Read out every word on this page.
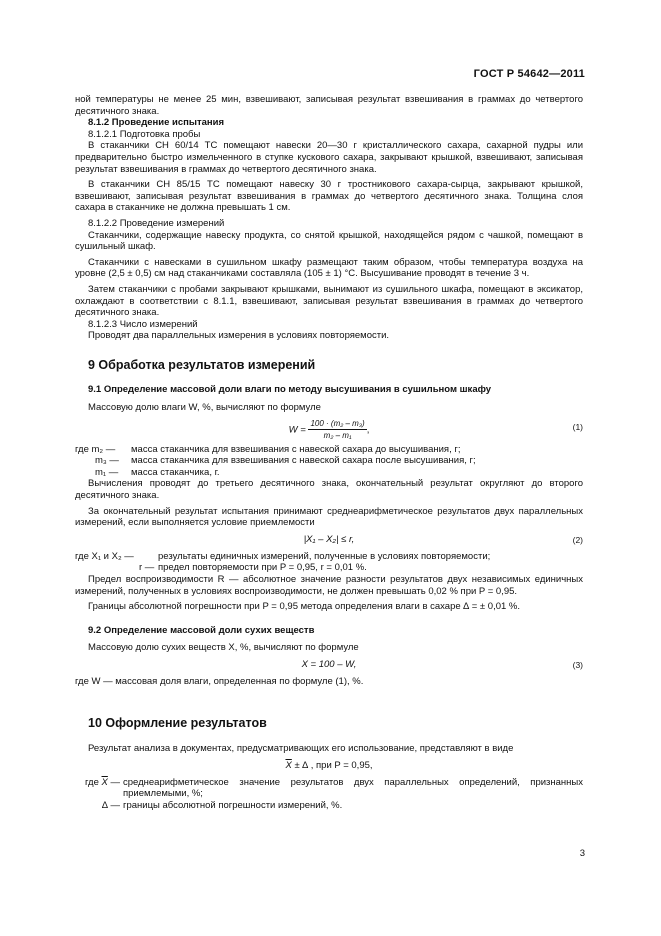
ГОСТ Р 54642—2011

ной температуры не менее 25 мин, взвешивают, записывая результат взвешивания в граммах до четвертого десятичного знака.

8.1.2 Проведение испытания

8.1.2.1 Подготовка пробы

В стаканчики СН 60/14 ТС помещают навески 20—30 г кристаллического сахара, сахарной пудры или предварительно быстро измельченного в ступке кускового сахара, закрывают крышкой, взвешивают, записывая результат взвешивания в граммах до четвертого десятичного знака.

В стаканчики СН 85/15 ТС помещают навеску 30 г тростникового сахара-сырца, закрывают крышкой, взвешивают, записывая результат взвешивания в граммах до четвертого десятичного знака. Толщина слоя сахара в стаканчике не должна превышать 1 см.

8.1.2.2 Проведение измерений

Стаканчики, содержащие навеску продукта, со снятой крышкой, находящейся рядом с чашкой, помещают в сушильный шкаф.

Стаканчики с навесками в сушильном шкафу размещают таким образом, чтобы температура воздуха на уровне (2,5 ± 0,5) см над стаканчиками составляла (105 ± 1) °С. Высушивание проводят в течение 3 ч.

Затем стаканчики с пробами закрывают крышками, вынимают из сушильного шкафа, помещают в эксикатор, охлаждают в соответствии с 8.1.1, взвешивают, записывая результат взвешивания в граммах до четвертого десятичного знака.

8.1.2.3 Число измерений

Проводят два параллельных измерения в условиях повторяемости.

9 Обработка результатов измерений
9.1 Определение массовой доли влаги по методу высушивания в сушильном шкафу

Массовую долю влаги W, %, вычисляют по формуле

$W = \frac{\text{100 · (m₂ – m₃)}}{\text{m₂ – m₁}}$ ,	(1)
где m₂ —	масса стаканчика для взвешивания с навеской сахара до высушивания, г;
m₃ —	масса стаканчика для взвешивания с навеской сахара после высушивания, г;
m₁ —	масса стаканчика, г.

Вычисления проводят до третьего десятичного знака, окончательный результат округляют до второго десятичного знака.

За окончательный результат испытания принимают среднеарифметическое результатов двух параллельных измерений, если выполняется условие приемлемости

|X₁ – X₂| ≤ r,	(2)
где X₁ и X₂ —	результаты единичных измерений, полученные в условиях повторяемости;
r — предел повторяемости при P = 0,95, r = 0,01 %.

Предел воспроизводимости R — абсолютное значение разности результатов двух независимых единичных измерений, полученных в условиях воспроизводимости, не должен превышать 0,02 % при P = 0,95.

Границы абсолютной погрешности при P = 0,95 метода определения влаги в сахаре ∆ = ± 0,01 %.

9.2 Определение массовой доли сухих веществ

Массовую долю сухих веществ X, %, вычисляют по формуле

X = 100 – W,	(3)

где W — массовая доля влаги, определенная по формуле (1), %.

10 Оформление результатов

Результат анализа в документах, предусматривающих его использование, представляют в виде

$\overline{X}$ ± ∆ , при P = 0,95,
где $\overline{X}$ — среднеарифметическое значение результатов двух параллельных определений, признанных приемлемыми, %;
∆ — границы абсолютной погрешности измерений, %.
3
